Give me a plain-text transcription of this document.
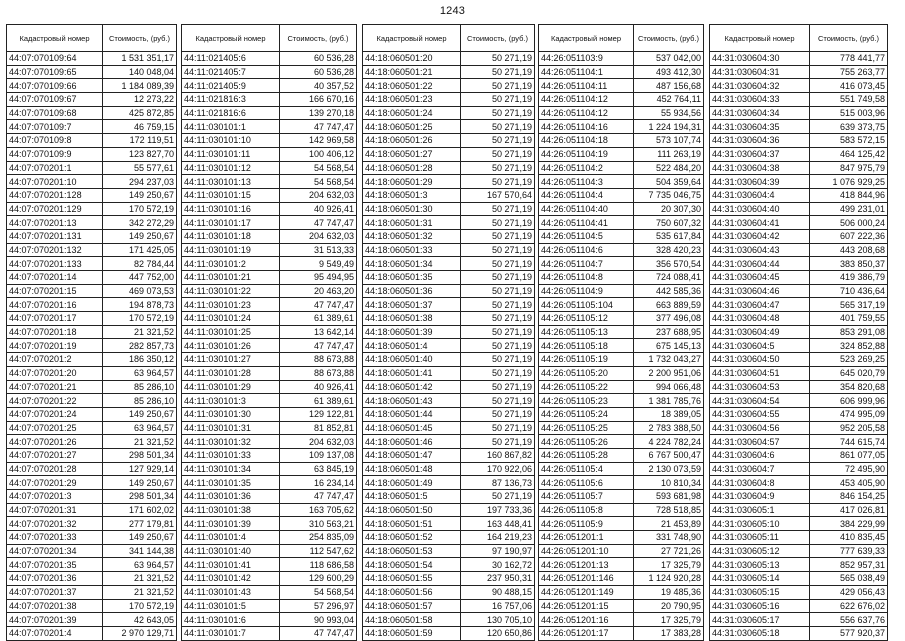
1243
Кадастровый номер	Стоимость, (руб.)
44:07:070109:64	1 531 351,17
44:07:070109:65	140 048,04
44:07:070109:66	1 184 089,39
44:07:070109:67	12 273,22
44:07:070109:68	425 872,85
44:07:070109:7	46 759,15
44:07:070109:8	172 119,51
44:07:070109:9	123 827,70
44:07:070201:1	55 577,61
44:07:070201:10	294 237,03
44:07:070201:128	149 250,67
44:07:070201:129	170 572,19
44:07:070201:13	342 272,29
44:07:070201:131	149 250,67
44:07:070201:132	171 425,05
44:07:070201:133	82 784,44
44:07:070201:14	447 752,00
44:07:070201:15	469 073,53
44:07:070201:16	194 878,73
44:07:070201:17	170 572,19
44:07:070201:18	21 321,52
44:07:070201:19	282 857,73
44:07:070201:2	186 350,12
44:07:070201:20	63 964,57
44:07:070201:21	85 286,10
44:07:070201:22	85 286,10
44:07:070201:24	149 250,67
44:07:070201:25	63 964,57
44:07:070201:26	21 321,52
44:07:070201:27	298 501,34
44:07:070201:28	127 929,14
44:07:070201:29	149 250,67
44:07:070201:3	298 501,34
44:07:070201:31	171 602,02
44:07:070201:32	277 179,81
44:07:070201:33	149 250,67
44:07:070201:34	341 144,38
44:07:070201:35	63 964,57
44:07:070201:36	21 321,52
44:07:070201:37	21 321,52
44:07:070201:38	170 572,19
44:07:070201:39	42 643,05
44:07:070201:4	2 970 129,71
Кадастровый номер	Стоимость, (руб.)
44:11:021405:6	60 536,28
44:11:021405:7	60 536,28
44:11:021405:9	40 357,52
44:11:021816:3	166 670,16
44:11:021816:6	139 270,18
44:11:030101:1	47 747,47
44:11:030101:10	142 969,58
44:11:030101:11	100 406,12
44:11:030101:12	54 568,54
44:11:030101:13	54 568,54
44:11:030101:15	204 632,03
44:11:030101:16	40 926,41
44:11:030101:17	47 747,47
44:11:030101:18	204 632,03
44:11:030101:19	31 513,33
44:11:030101:2	9 549,49
44:11:030101:21	95 494,95
44:11:030101:22	20 463,20
44:11:030101:23	47 747,47
44:11:030101:24	61 389,61
44:11:030101:25	13 642,14
44:11:030101:26	47 747,47
44:11:030101:27	88 673,88
44:11:030101:28	88 673,88
44:11:030101:29	40 926,41
44:11:030101:3	61 389,61
44:11:030101:30	129 122,81
44:11:030101:31	81 852,81
44:11:030101:32	204 632,03
44:11:030101:33	109 137,08
44:11:030101:34	63 845,19
44:11:030101:35	16 234,14
44:11:030101:36	47 747,47
44:11:030101:38	163 705,62
44:11:030101:39	310 563,21
44:11:030101:4	254 835,09
44:11:030101:40	112 547,62
44:11:030101:41	118 686,58
44:11:030101:42	129 600,29
44:11:030101:43	54 568,54
44:11:030101:5	57 296,97
44:11:030101:6	90 993,04
44:11:030101:7	47 747,47
Кадастровый номер	Стоимость, (руб.)
44:18:060501:20	50 271,19
44:18:060501:21	50 271,19
44:18:060501:22	50 271,19
44:18:060501:23	50 271,19
44:18:060501:24	50 271,19
44:18:060501:25	50 271,19
44:18:060501:26	50 271,19
44:18:060501:27	50 271,19
44:18:060501:28	50 271,19
44:18:060501:29	50 271,19
44:18:060501:3	167 570,64
44:18:060501:30	50 271,19
44:18:060501:31	50 271,19
44:18:060501:32	50 271,19
44:18:060501:33	50 271,19
44:18:060501:34	50 271,19
44:18:060501:35	50 271,19
44:18:060501:36	50 271,19
44:18:060501:37	50 271,19
44:18:060501:38	50 271,19
44:18:060501:39	50 271,19
44:18:060501:4	50 271,19
44:18:060501:40	50 271,19
44:18:060501:41	50 271,19
44:18:060501:42	50 271,19
44:18:060501:43	50 271,19
44:18:060501:44	50 271,19
44:18:060501:45	50 271,19
44:18:060501:46	50 271,19
44:18:060501:47	160 867,82
44:18:060501:48	170 922,06
44:18:060501:49	87 136,73
44:18:060501:5	50 271,19
44:18:060501:50	197 733,36
44:18:060501:51	163 448,41
44:18:060501:52	164 219,23
44:18:060501:53	97 190,97
44:18:060501:54	30 162,72
44:18:060501:55	237 950,31
44:18:060501:56	90 488,15
44:18:060501:57	16 757,06
44:18:060501:58	130 705,10
44:18:060501:59	120 650,86
Кадастровый номер	Стоимость, (руб.)
44:26:051103:9	537 042,00
44:26:051104:1	493 412,30
44:26:051104:11	487 156,68
44:26:051104:12	452 764,11
44:26:051104:12	55 934,56
44:26:051104:16	1 224 194,31
44:26:051104:18	573 107,74
44:26:051104:19	111 263,19
44:26:051104:2	522 484,20
44:26:051104:3	504 359,64
44:26:051104:4	7 735 046,75
44:26:051104:40	20 307,30
44:26:051104:41	750 607,32
44:26:051104:5	535 617,84
44:26:051104:6	328 420,23
44:26:051104:7	356 570,54
44:26:051104:8	724 088,41
44:26:051104:9	442 585,36
44:26:051105:104	663 889,59
44:26:051105:12	377 496,08
44:26:051105:13	237 688,95
44:26:051105:18	675 145,13
44:26:051105:19	1 732 043,27
44:26:051105:20	2 200 951,06
44:26:051105:22	994 066,48
44:26:051105:23	1 381 785,76
44:26:051105:24	18 389,05
44:26:051105:25	2 783 388,50
44:26:051105:26	4 224 782,24
44:26:051105:28	6 767 500,47
44:26:051105:4	2 130 073,59
44:26:051105:6	10 810,34
44:26:051105:7	593 681,98
44:26:051105:8	728 518,85
44:26:051105:9	21 453,89
44:26:051201:1	331 748,90
44:26:051201:10	27 721,26
44:26:051201:13	17 325,79
44:26:051201:146	1 124 920,28
44:26:051201:149	19 485,36
44:26:051201:15	20 790,95
44:26:051201:16	17 325,79
44:26:051201:17	17 383,28
Кадастровый номер	Стоимость, (руб.)
44:31:030604:30	778 441,77
44:31:030604:31	755 263,77
44:31:030604:32	416 073,45
44:31:030604:33	551 749,58
44:31:030604:34	515 003,96
44:31:030604:35	639 373,75
44:31:030604:36	583 572,15
44:31:030604:37	464 125,42
44:31:030604:38	847 975,79
44:31:030604:39	1 076 929,25
44:31:030604:4	418 844,96
44:31:030604:40	499 231,01
44:31:030604:41	506 000,24
44:31:030604:42	607 222,36
44:31:030604:43	443 208,68
44:31:030604:44	383 850,37
44:31:030604:45	419 386,79
44:31:030604:46	710 436,64
44:31:030604:47	565 317,19
44:31:030604:48	401 759,55
44:31:030604:49	853 291,08
44:31:030604:5	324 852,88
44:31:030604:50	523 269,25
44:31:030604:51	645 020,79
44:31:030604:53	354 820,68
44:31:030604:54	606 999,96
44:31:030604:55	474 995,09
44:31:030604:56	952 205,58
44:31:030604:57	744 615,74
44:31:030604:6	861 077,05
44:31:030604:7	72 495,90
44:31:030604:8	453 405,90
44:31:030604:9	846 154,25
44:31:030605:1	417 026,81
44:31:030605:10	384 229,99
44:31:030605:11	410 835,45
44:31:030605:12	777 639,33
44:31:030605:13	852 957,31
44:31:030605:14	565 038,49
44:31:030605:15	429 056,43
44:31:030605:16	622 676,02
44:31:030605:17	556 637,76
44:31:030605:18	577 920,37
